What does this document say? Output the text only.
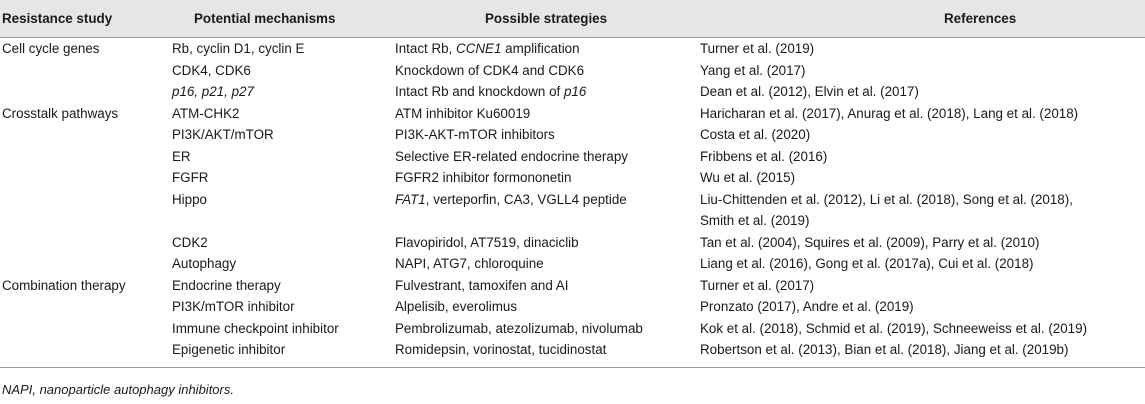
Resistance study	Potential mechanisms	Possible strategies	References
Cell cycle genes	Rb, cyclin D1, cyclin E	Intact Rb, CCNE1 amplification	Turner et al. (2019)

	CDK4, CDK6	Knockdown of CDK4 and CDK6	Yang et al. (2017)

	p16, p21, p27	Intact Rb and knockdown of p16	Dean et al. (2012), Elvin et al. (2017)

Crosstalk pathways	ATM-CHK2	ATM inhibitor Ku60019	Haricharan et al. (2017), Anurag et al. (2018), Lang et al. (2018)

	PI3K/AKT/mTOR	PI3K-AKT-mTOR inhibitors	Costa et al. (2020)

	ER	Selective ER-related endocrine therapy	Fribbens et al. (2016)

	FGFR	FGFR2 inhibitor formononetin	Wu et al. (2015)

	Hippo	FAT1, verteporfin, CA3, VGLL4 peptide	Liu-Chittenden et al. (2012), Li et al. (2018), Song et al. (2018),
Smith et al. (2019)

	CDK2	Flavopiridol, AT7519, dinaciclib	Tan et al. (2004), Squires et al. (2009), Parry et al. (2010)

	Autophagy	NAPI, ATG7, chloroquine	Liang et al. (2016), Gong et al. (2017a), Cui et al. (2018)

Combination therapy	Endocrine therapy	Fulvestrant, tamoxifen and AI	Turner et al. (2017)

	PI3K/mTOR inhibitor	Alpelisib, everolimus	Pronzato (2017), Andre et al. (2019)

	Immune checkpoint inhibitor	Pembrolizumab, atezolizumab, nivolumab	Kok et al. (2018), Schmid et al. (2019), Schneeweiss et al. (2019)

	Epigenetic inhibitor	Romidepsin, vorinostat, tucidinostat	Robertson et al. (2013), Bian et al. (2018), Jiang et al. (2019b)
NAPI, nanoparticle autophagy inhibitors.
